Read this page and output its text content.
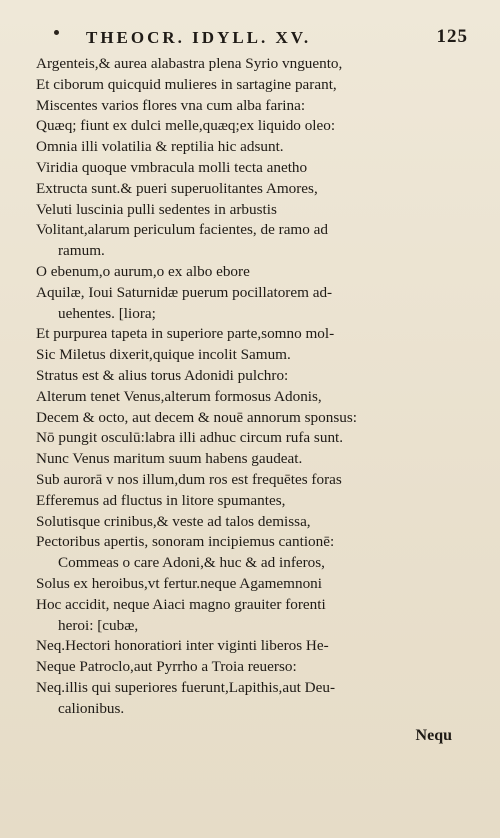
THEOCR. IDYLL. XV.	125
Argenteis,& aurea alabastra plena Syrio vnguento,
Et ciborum quicquid mulieres in sartagine parant,
Miscentes varios flores vna cum alba farina:
Quæq; fiunt ex dulci melle,quæq;ex liquido oleo:
Omnia illi volatilia & reptilia hic adsunt.
Viridia quoque vmbracula molli tecta anetho
Extructa sunt.& pueri superuolitantes Amores,
Veluti luscinia pulli sedentes in arbustis
Volitant,alarum periculum facientes, de ramo ad
ramum.
O ebenum,o aurum,o ex albo ebore
Aquilæ, Ioui Saturnidæ puerum pocillatorem ad-
uehentes. [liora;
Et purpurea tapeta in superiore parte,somno mol-
Sic Miletus dixerit,quique incolit Samum.
Stratus est & alius torus Adonidi pulchro:
Alterum tenet Venus,alterum formosus Adonis,
Decem & octo, aut decem & nouē annorum sponsus:
Nō pungit osculū:labra illi adhuc circum rufa sunt.
Nunc Venus maritum suum habens gaudeat.
Sub aurorā v nos illum,dum ros est frequētes foras
Efferemus ad fluctus in litore spumantes,
Solutisque crinibus,& veste ad talos demissa,
Pectoribus apertis, sonoram incipiemus cantionē:
Commeas o care Adoni,& huc & ad inferos,
Solus ex heroibus,vt fertur.neque Agamemnoni
Hoc accidit, neque Aiaci magno grauiter forenti
heroi: [cubæ,
Neq.Hectori honoratiori inter viginti liberos He-
Neque Patroclo,aut Pyrrho a Troia reuerso:
Neq.illis qui superiores fuerunt,Lapithis,aut Deu-
calionibus.
Nequ
